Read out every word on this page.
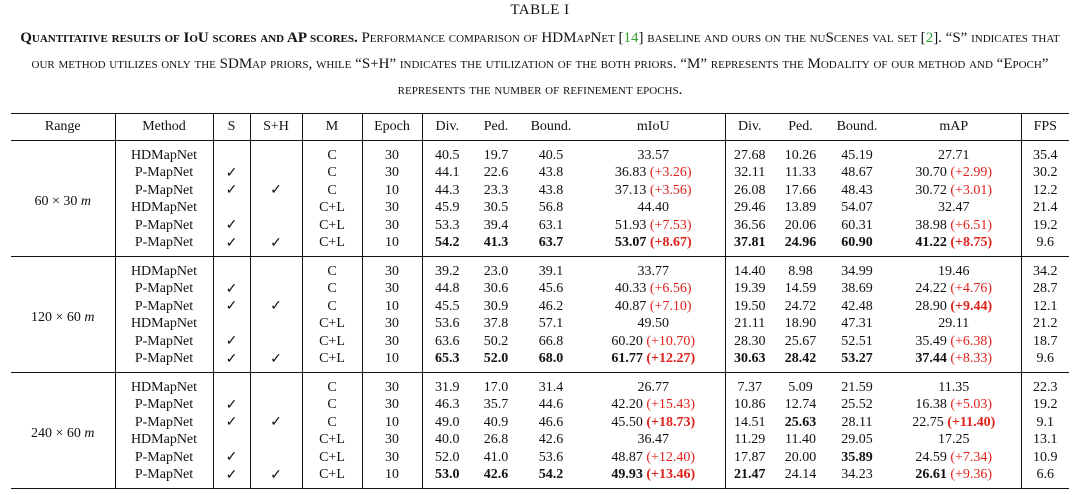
TABLE I
Quantitative results of IoU scores and AP scores. Performance comparison of HDMapNet [14] baseline and ours on the nuScenes val set [2]. “S” indicates that our method utilizes only the SDMap priors, while “S+H” indicates the utilization of the both priors. “M” represents the Modality of our method and “Epoch” represents the number of refinement epochs.
Range	Method	S	S+H	M	Epoch	Div.	Ped.	Bound.	mIoU	Div.	Ped.	Bound.	mAP	FPS
60 × 30 m	HDMapNet			C	30	40.5	19.7	40.5	33.57	27.68	10.26	45.19	27.71	35.4
	P-MapNet	✓		C	30	44.1	22.6	43.8	36.83 (+3.26)	32.11	11.33	48.67	30.70 (+2.99)	30.2
	P-MapNet	✓	✓	C	10	44.3	23.3	43.8	37.13 (+3.56)	26.08	17.66	48.43	30.72 (+3.01)	12.2
	HDMapNet			C+L	30	45.9	30.5	56.8	44.40	29.46	13.89	54.07	32.47	21.4
	P-MapNet	✓		C+L	30	53.3	39.4	63.1	51.93 (+7.53)	36.56	20.06	60.31	38.98 (+6.51)	19.2
	P-MapNet	✓	✓	C+L	10	54.2	41.3	63.7	53.07 (+8.67)	37.81	24.96	60.90	41.22 (+8.75)	9.6
120 × 60 m	HDMapNet			C	30	39.2	23.0	39.1	33.77	14.40	8.98	34.99	19.46	34.2
	P-MapNet	✓		C	30	44.8	30.6	45.6	40.33 (+6.56)	19.39	14.59	38.69	24.22 (+4.76)	28.7
	P-MapNet	✓	✓	C	10	45.5	30.9	46.2	40.87 (+7.10)	19.50	24.72	42.48	28.90 (+9.44)	12.1
	HDMapNet			C+L	30	53.6	37.8	57.1	49.50	21.11	18.90	47.31	29.11	21.2
	P-MapNet	✓		C+L	30	63.6	50.2	66.8	60.20 (+10.70)	28.30	25.67	52.51	35.49 (+6.38)	18.7
	P-MapNet	✓	✓	C+L	10	65.3	52.0	68.0	61.77 (+12.27)	30.63	28.42	53.27	37.44 (+8.33)	9.6
240 × 60 m	HDMapNet			C	30	31.9	17.0	31.4	26.77	7.37	5.09	21.59	11.35	22.3
	P-MapNet	✓		C	30	46.3	35.7	44.6	42.20 (+15.43)	10.86	12.74	25.52	16.38 (+5.03)	19.2
	P-MapNet	✓	✓	C	10	49.0	40.9	46.6	45.50 (+18.73)	14.51	25.63	28.11	22.75 (+11.40)	9.1
	HDMapNet			C+L	30	40.0	26.8	42.6	36.47	11.29	11.40	29.05	17.25	13.1
	P-MapNet	✓		C+L	30	52.0	41.0	53.6	48.87 (+12.40)	17.87	20.00	35.89	24.59 (+7.34)	10.9
	P-MapNet	✓	✓	C+L	10	53.0	42.6	54.2	49.93 (+13.46)	21.47	24.14	34.23	26.61 (+9.36)	6.6
